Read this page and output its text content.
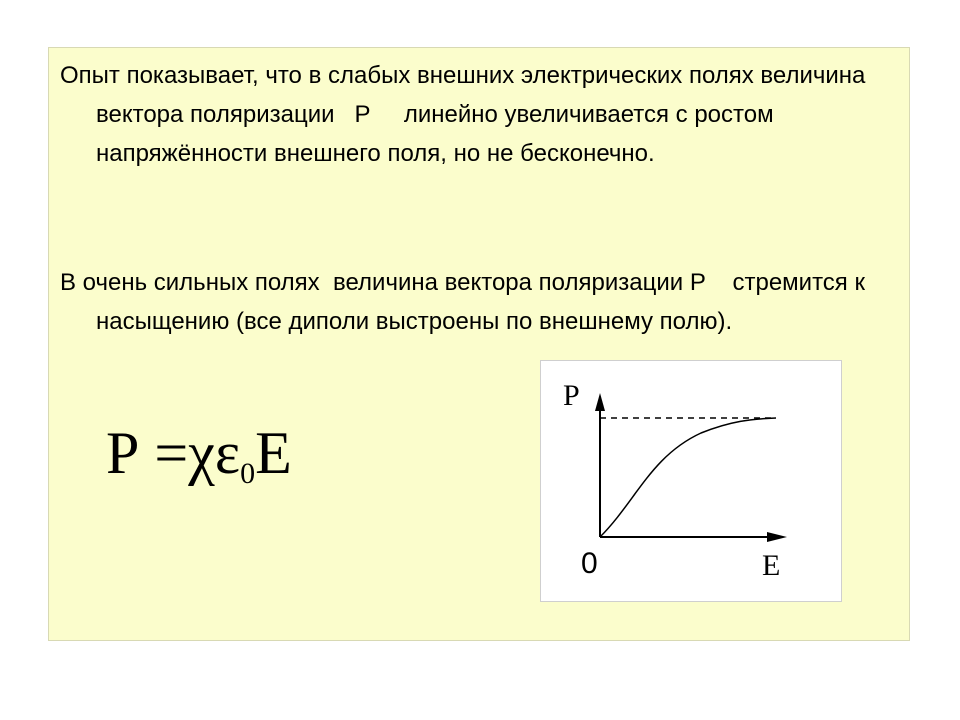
Опыт показывает, что в слабых внешних электрических полях величина вектора поляризации   Р     линейно увеличивается с ростом напряжённости внешнего поля, но не бесконечно.

В очень сильных полях  величина вектора поляризации Р    стремится к насыщению (все диполи выстроены по внешнему полю).

Р =χε0Е
P
0	E
